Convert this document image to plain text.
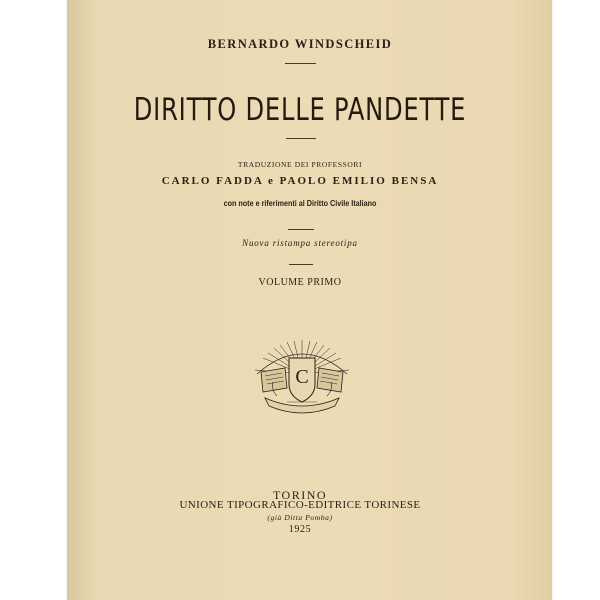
BERNARDO WINDSCHEID
DIRITTO DELLE PANDETTE
TRADUZIONE DEI PROFESSORI
CARLO FADDA e PAOLO EMILIO BENSA
con note e riferimenti al Diritto Civile Italiano
Nuova ristampa stereotipa
VOLUME PRIMO
C
TORINO
UNIONE TIPOGRAFICO-EDITRICE TORINESE
(già Ditta Pomba)
1925
